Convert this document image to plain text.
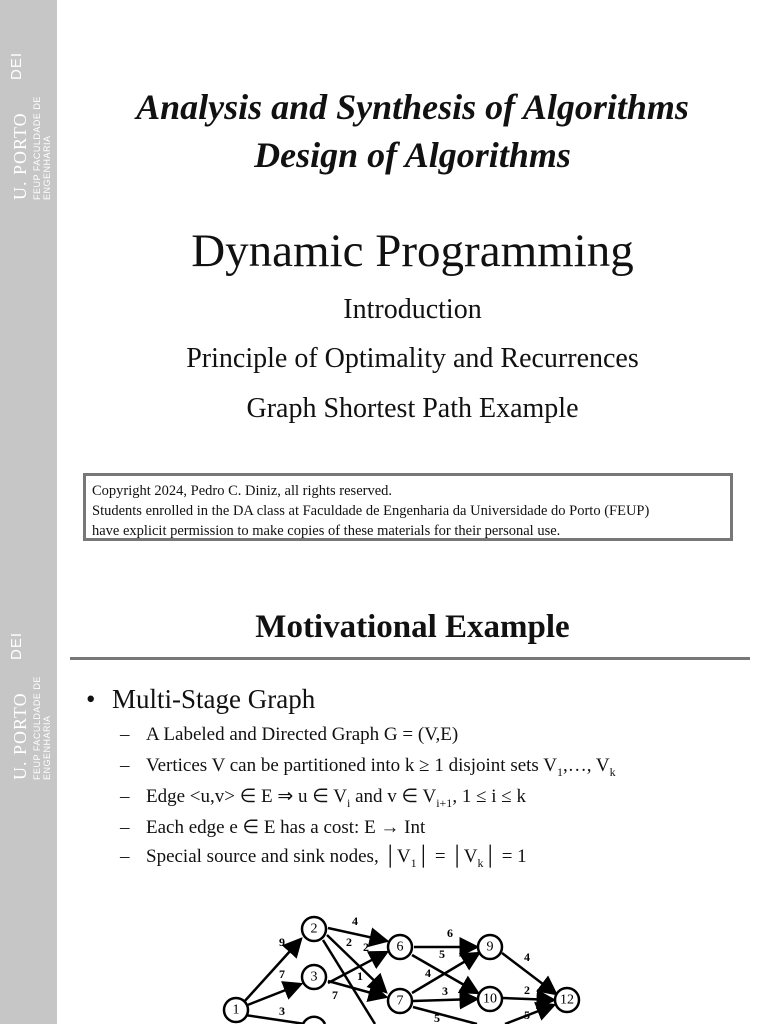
U. PORTO
DEI
FEUP FACULDADE DE ENGENHARIA
U. PORTO
DEI
FEUP FACULDADE DE ENGENHARIA
Analysis and Synthesis of Algorithms
Design of Algorithms
Dynamic Programming
Introduction
Principle of Optimality and Recurrences
Graph Shortest Path Example
Copyright 2024, Pedro C. Diniz, all rights reserved.
Students enrolled in the DA class at Faculdade de Engenharia da Universidade do Porto (FEUP)
have explicit permission to make copies of these materials for their personal use.
Motivational Example
• Multi-Stage Graph
– A Labeled and Directed Graph G = (V,E)
– Vertices V can be partitioned into k ≥ 1 disjoint sets $V_1,\dots$, $V_k$
– Edge <u,v> ∈ E ⇒ u ∈ $V_i$ and v ∈ $V_{i+1}$, 1 ≤ i ≤ k
– Each edge e ∈ E has a cost: E → Int
– Special source and sink nodes, $│V_1│$ = $│V_k│ = 1$
1
2
3
6
7
9
10	12
9
7
3
4
2 2
1
7
6
5
4
3
5
4
2
5
